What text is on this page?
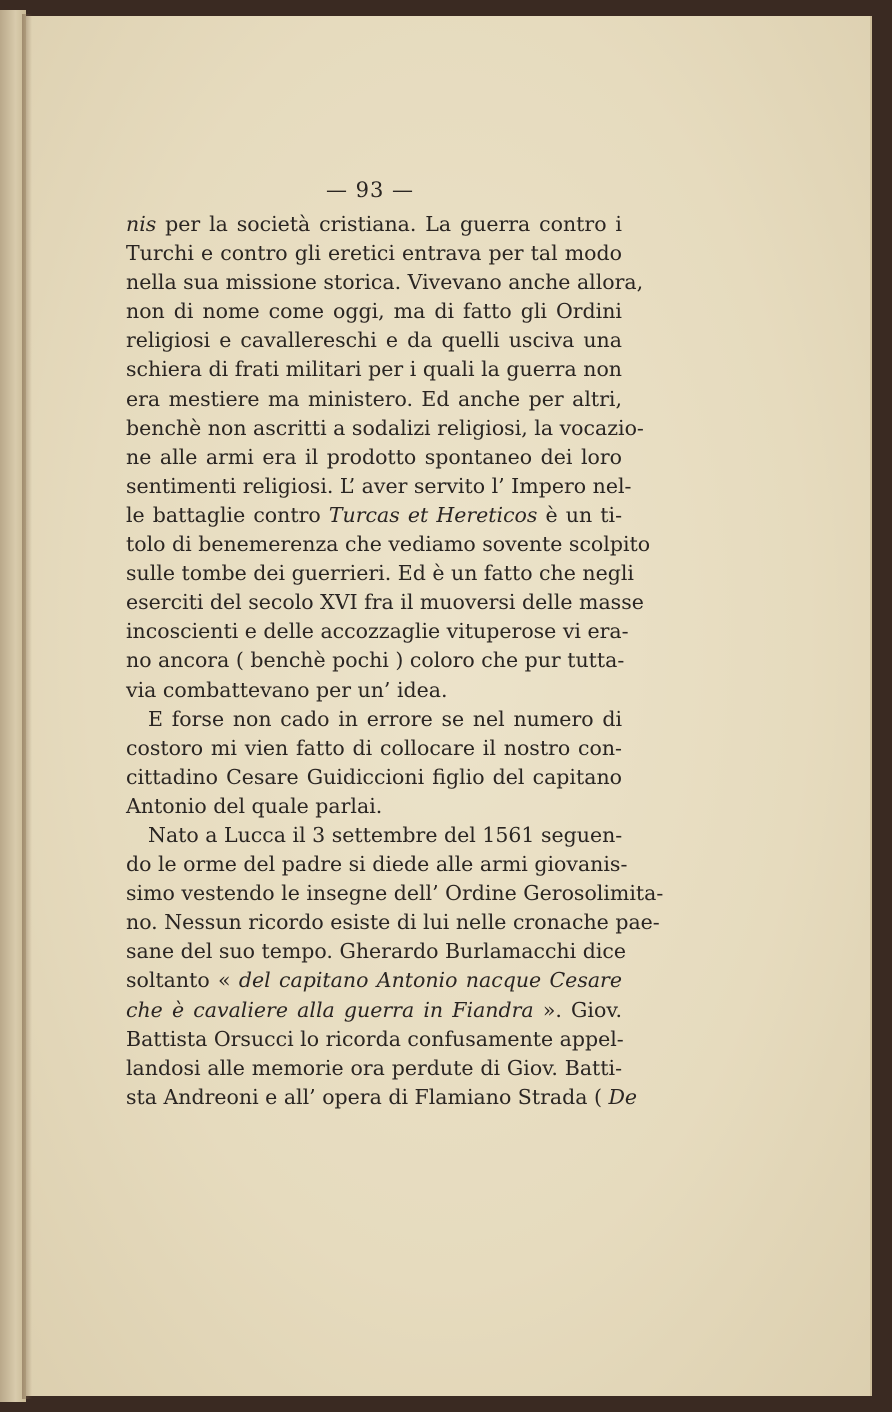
— 93 —
nis per la società cristiana. La guerra contro i
Turchi e contro gli eretici entrava per tal modo
nella sua missione storica. Vivevano anche allora,
non di nome come oggi, ma di fatto gli Ordini
religiosi e cavallereschi e da quelli usciva una
schiera di frati militari per i quali la guerra non
era mestiere ma ministero. Ed anche per altri,
benchè non ascritti a sodalizi religiosi, la vocazio-
ne alle armi era il prodotto spontaneo dei loro
sentimenti religiosi. L’ aver servito l’ Impero nel-
le battaglie contro Turcas et Hereticos è un ti-
tolo di benemerenza che vediamo sovente scolpito
sulle tombe dei guerrieri. Ed è un fatto che negli
eserciti del secolo XVI fra il muoversi delle masse
incoscienti e delle accozzaglie vituperose vi era-
no ancora ( benchè pochi ) coloro che pur tutta-
via combattevano per un’ idea.
E forse non cado in errore se nel numero di
costoro mi vien fatto di collocare il nostro con-
cittadino Cesare Guidiccioni figlio del capitano
Antonio del quale parlai.
Nato a Lucca il 3 settembre del 1561 seguen-
do le orme del padre si diede alle armi giovanis-
simo vestendo le insegne dell’ Ordine Gerosolimita-
no. Nessun ricordo esiste di lui nelle cronache pae-
sane del suo tempo. Gherardo Burlamacchi dice
soltanto « del capitano Antonio nacque Cesare
che è cavaliere alla guerra in Fiandra ». Giov.
Battista Orsucci lo ricorda confusamente appel-
landosi alle memorie ora perdute di Giov. Batti-
sta Andreoni e all’ opera di Flamiano Strada ( De
